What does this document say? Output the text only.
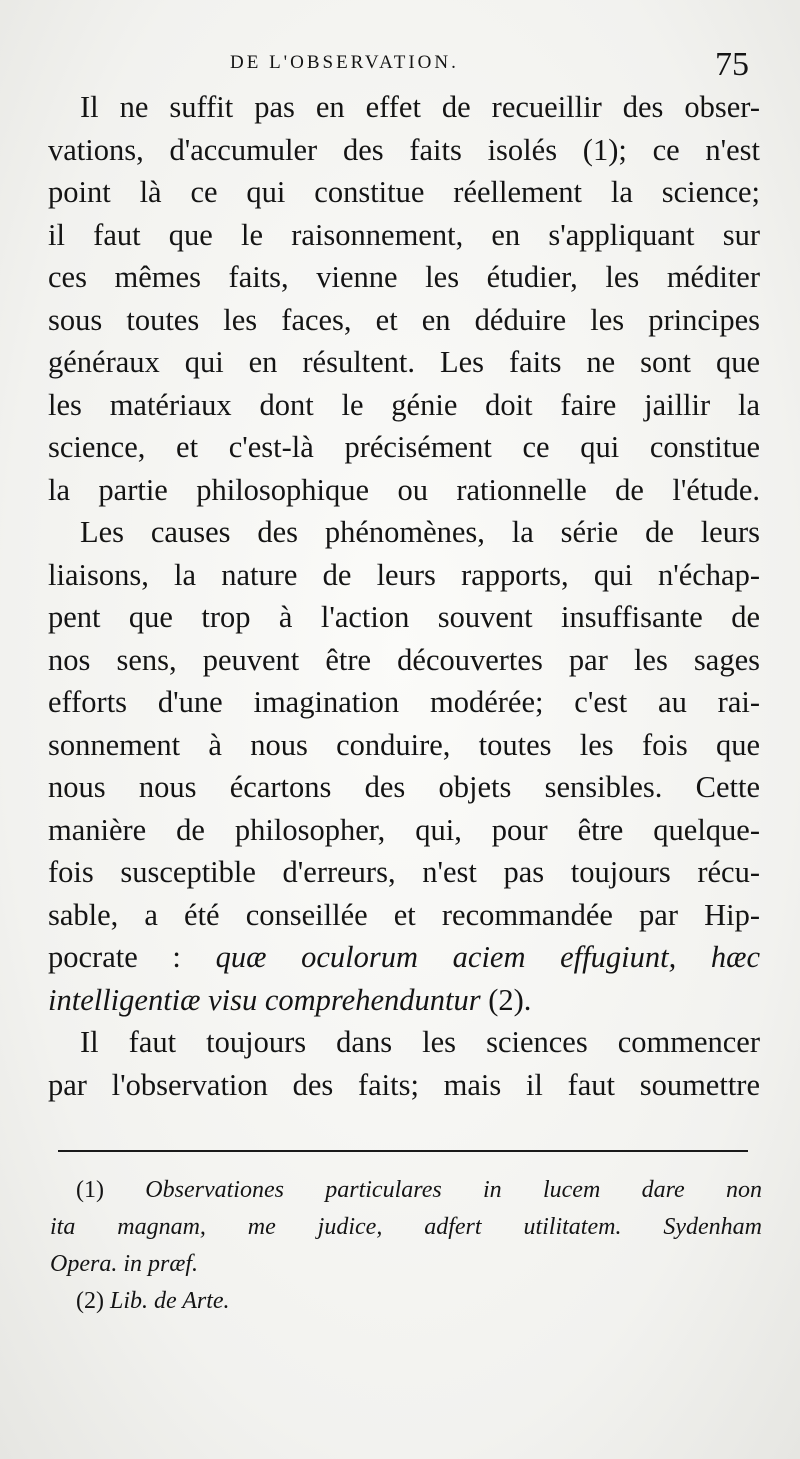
DE L'OBSERVATION.	75
Il ne suffit pas en effet de recueillir des obser-
vations, d'accumuler des faits isolés (1); ce n'est
point là ce qui constitue réellement la science;
il faut que le raisonnement, en s'appliquant sur
ces mêmes faits, vienne les étudier, les méditer
sous toutes les faces, et en déduire les principes
généraux qui en résultent. Les faits ne sont que
les matériaux dont le génie doit faire jaillir la
science, et c'est-là précisément ce qui constitue
la partie philosophique ou rationnelle de l'étude.
Les causes des phénomènes, la série de leurs
liaisons, la nature de leurs rapports, qui n'échap-
pent que trop à l'action souvent insuffisante de
nos sens, peuvent être découvertes par les sages
efforts d'une imagination modérée; c'est au rai-
sonnement à nous conduire, toutes les fois que
nous nous écartons des objets sensibles. Cette
manière de philosopher, qui, pour être quelque-
fois susceptible d'erreurs, n'est pas toujours récu-
sable, a été conseillée et recommandée par Hip-
pocrate : quæ oculorum aciem effugiunt, hæc
intelligentiæ visu comprehenduntur (2).
Il faut toujours dans les sciences commencer
par l'observation des faits; mais il faut soumettre
(1) Observationes particulares in lucem dare non
ita magnam, me judice, adfert utilitatem. Sydenham
Opera. in præf.
(2) Lib. de Arte.
